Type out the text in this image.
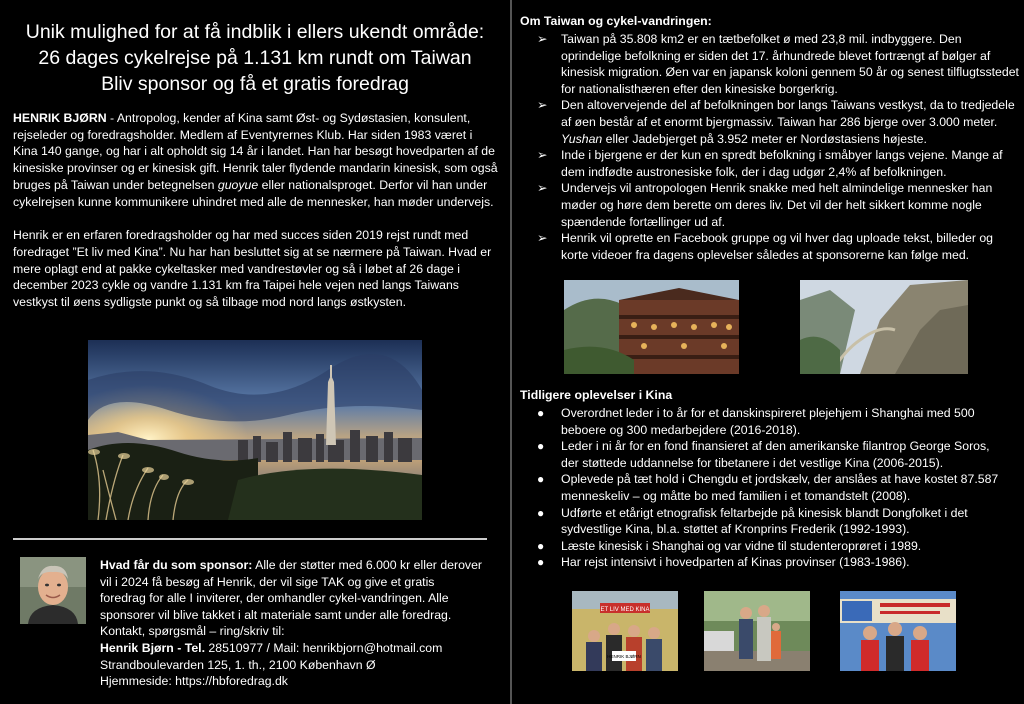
Unik mulighed for at få indblik i ellers ukendt område:
26 dages cykelrejse på 1.131 km rundt om Taiwan
Bliv sponsor og få et gratis foredrag

HENRIK BJØRN - Antropolog, kender af Kina samt Øst- og Sydøstasien, konsulent, rejseleder og foredragsholder. Medlem af Eventyrernes Klub. Har siden 1983 været i Kina 140 gange, og har i alt opholdt sig 14 år i landet. Han har besøgt hovedparten af de kinesiske provinser og er kinesisk gift. Henrik taler flydende mandarin kinesisk, som også bruges på Taiwan under betegnelsen guoyue eller nationalsproget. Derfor vil han under cykelrejsen kunne kommunikere uhindret med alle de mennesker, han møder undervejs.

Henrik er en erfaren foredragsholder og har med succes siden 2019 rejst rundt med foredraget ”Et liv med Kina”. Nu har han besluttet sig at se nærmere på Taiwan. Hvad er mere oplagt end at pakke cykeltasker med vandrestøvler og så i løbet af 26 dage i december 2023 cykle og vandre 1.131 km fra Taipei hele vejen ned langs Taiwans vestkyst til øens sydligste punkt og så tilbage mod nord langs østkysten.

Hvad får du som sponsor: Alle der støtter med 6.000 kr eller derover
vil i 2024 få besøg af Henrik, der vil sige TAK og give et gratis
foredrag for alle I inviterer, der omhandler cykel-vandringen. Alle
sponsorer vil blive takket i alt materiale samt under alle foredrag.
Kontakt, spørgsmål – ring/skriv til:
Henrik Bjørn - Tel. 28510977 / Mail: henrikbjorn@hotmail.com
Strandboulevarden 125, 1. th., 2100 København Ø
Hjemmeside: https://hbforedrag.dk
Om Taiwan og cykel-vandringen:
➢ Taiwan på 35.808 km2 er en tætbefolket ø med 23,8 mil. indbyggere. Den
oprindelige befolkning er siden det 17. århundrede blevet fortrængt af bølger af
kinesisk migration. Øen var en japansk koloni gennem 50 år og senest tilflugtsstedet
for nationalisthæren efter den kinesiske borgerkrig.
➢ Den altovervejende del af befolkningen bor langs Taiwans vestkyst, da to tredjedele
af øen består af et enormt bjergmassiv. Taiwan har 286 bjerge over 3.000 meter.
Yushan eller Jadebjerget på 3.952 meter er Nordøstasiens højeste.
➢ Inde i bjergene er der kun en spredt befolkning i småbyer langs vejene. Mange af
dem indfødte austronesiske folk, der i dag udgør 2,4% af befolkningen.
➢ Undervejs vil antropologen Henrik snakke med helt almindelige mennesker han
møder og høre dem berette om deres liv. Det vil der helt sikkert komme nogle
spændende fortællinger ud af.
➢ Henrik vil oprette en Facebook gruppe og vil hver dag uploade tekst, billeder og
korte videoer fra dagens oplevelser således at sponsorerne kan følge med.
Tidligere oplevelser i Kina
● Overordnet leder i to år for et danskinspireret plejehjem i Shanghai med 500
beboere og 300 medarbejdere (2016-2018).
● Leder i ni år for en fond finansieret af den amerikanske filantrop George Soros,
der støttede uddannelse for tibetanere i det vestlige Kina (2006-2015).
● Oplevede på tæt hold i Chengdu et jordskælv, der anslåes at have kostet 87.587
menneskeliv – og måtte bo med familien i et tomandstelt (2008).
● Udførte et etårigt etnografisk feltarbejde på kinesisk blandt Dongfolket i det
sydvestlige Kina, bl.a. støttet af Kronprins Frederik (1992-1993).
● Læste kinesisk i Shanghai og var vidne til studenteroprøret i 1989.
● Har rejst intensivt i hovedparten af Kinas provinser (1983-1986).
ET LIV MED KINA
HENRIK BJØRN
